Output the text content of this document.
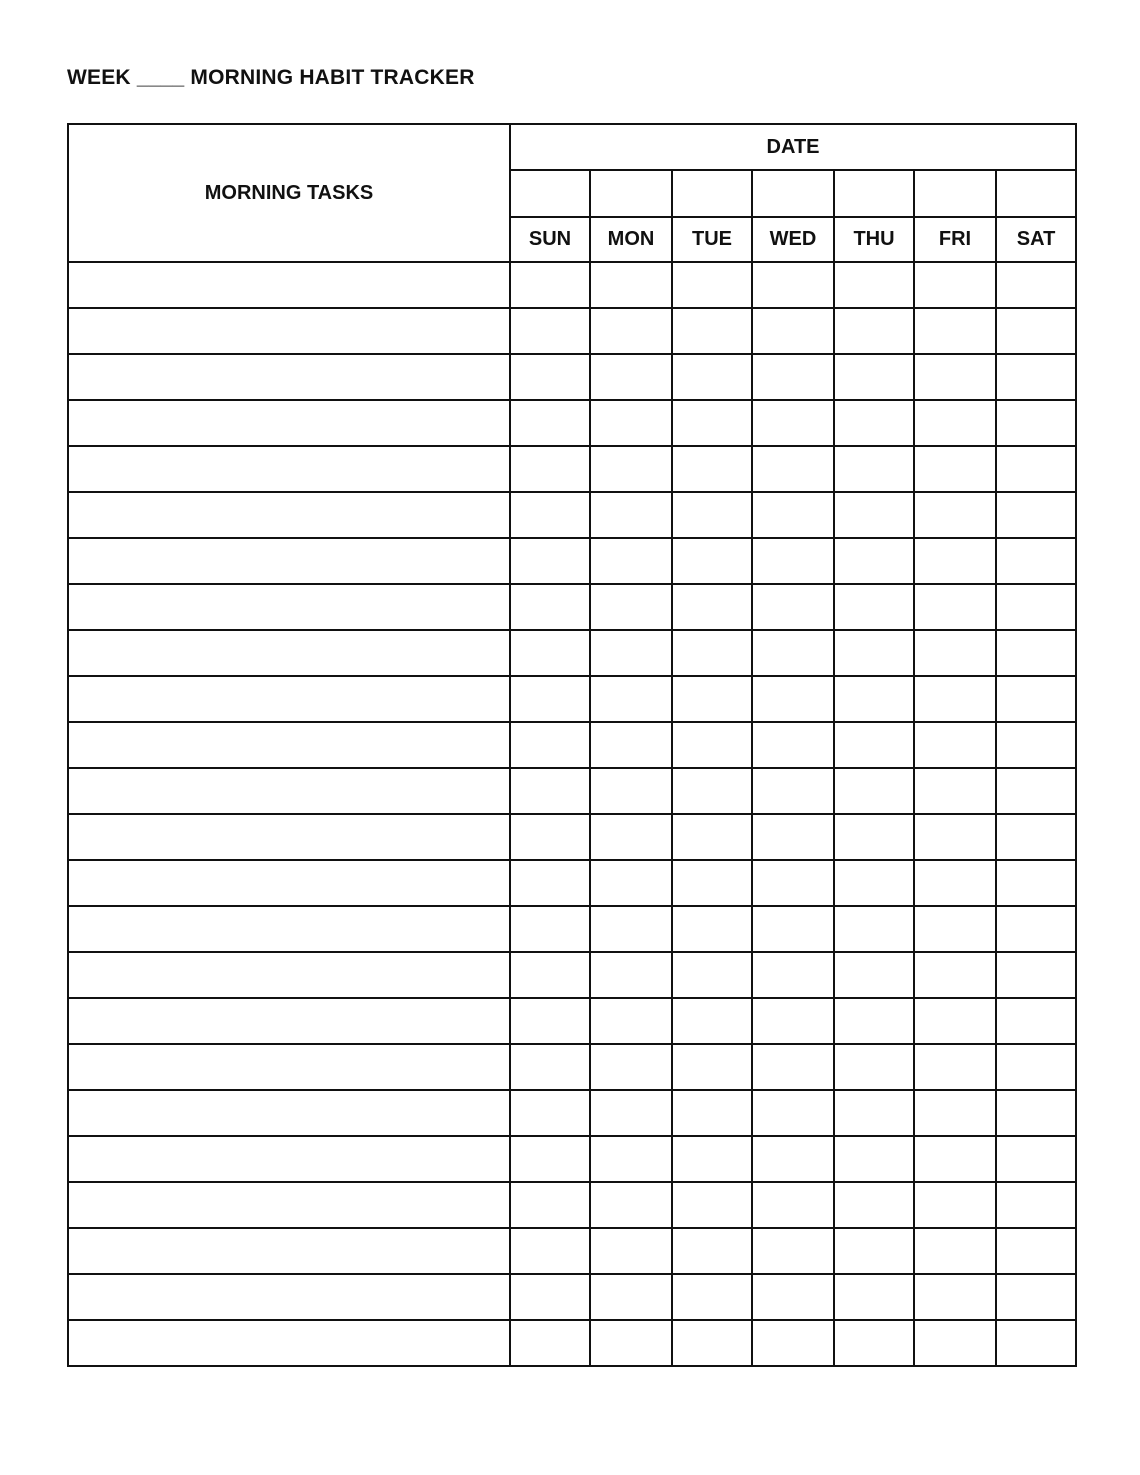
WEEK ____ MORNING HABIT TRACKER
MORNING TASKS	DATE						

	SUN	MON	TUE	WED	THU	FRI	SAT
